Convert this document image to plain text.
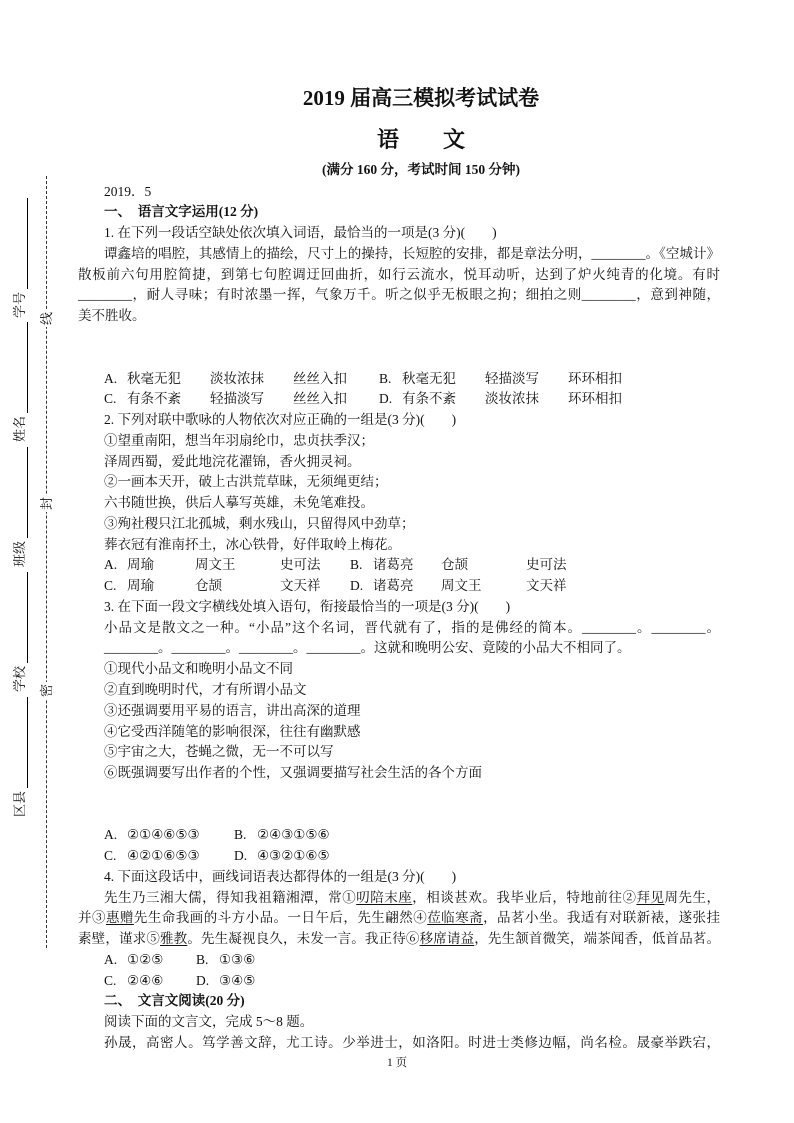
2019 届高三模拟考试试卷
语　　文
(满分 160 分，考试时间 150 分钟)
学号
姓名
班级
学校
区县
线
封
密
2019．5
一、　语言文字运用(12 分)
1. 在下列一段话空缺处依次填入词语，最恰当的一项是(3 分)(　　)
谭鑫培的唱腔，其感情上的描绘，尺寸上的操持，长短腔的安排，都是章法分明，________。《空城计》
散板前六句用腔简捷，到第七句腔调迂回曲折，如行云流水，悦耳动听，达到了炉火纯青的化境。有时
________，耐人寻味；有时浓墨一挥，气象万千。听之似乎无板眼之拘；细拍之则________，意到神随，
美不胜收。
A. 秋毫无犯	淡妆浓抹	丝丝入扣	B. 秋毫无犯	轻描淡写	环环相扣
C. 有条不紊	轻描淡写	丝丝入扣	D. 有条不紊	淡妆浓抹	环环相扣
2. 下列对联中歌咏的人物依次对应正确的一组是(3 分)(　　)
①望重南阳，想当年羽扇纶巾，忠贞扶季汉；
泽周西蜀，爱此地浣花濯锦，香火拥灵祠。
②一画本天开，破上古洪荒草昧，无须绳更结；
六书随世换，供后人摹写英雄，未免笔难投。
③殉社稷只江北孤城，剩水残山，只留得风中劲草；
葬衣冠有淮南抔土，冰心铁骨，好伴取岭上梅花。
A. 周瑜	周文王	史可法	B. 诸葛亮	仓颉	史可法
C. 周瑜	仓颉	文天祥	D. 诸葛亮	周文王	文天祥
3. 在下面一段文字横线处填入语句，衔接最恰当的一项是(3 分)(　　)
小品文是散文之一种。“小品”这个名词，晋代就有了，指的是佛经的简本。________。________。
________。________。________。________。这就和晚明公安、竟陵的小品大不相同了。
①现代小品文和晚明小品文不同
②直到晚明时代，才有所谓小品文
③还强调要用平易的语言，讲出高深的道理
④它受西洋随笔的影响很深，往往有幽默感
⑤宇宙之大，苍蝇之微，无一不可以写
⑥既强调要写出作者的个性，又强调要描写社会生活的各个方面
A. ②①④⑥⑤③	B. ②④③①⑤⑥
C. ④②①⑥⑤③	D. ④③②①⑥⑤
4. 下面这段话中，画线词语表达都得体的一组是(3 分)(　　)
先生乃三湘大儒，得知我祖籍湘潭，常①叨陪末座，相谈甚欢。我毕业后，特地前往②拜见周先生，
并③惠赠先生命我画的斗方小品。一日午后，先生翩然④莅临寒斋，品茗小坐。我适有对联新裱，遂张挂
素壁，谨求⑤雅教。先生凝视良久，未发一言。我正待⑥移席请益，先生颔首微笑，端茶闻香，低首品茗。
A. ①②⑤ B. ①③⑥
C. ②④⑥ D. ③④⑤
二、　文言文阅读(20 分)
阅读下面的文言文，完成 5～8 题。
孙晟，高密人。笃学善文辞，尤工诗。少举进士，如洛阳。时进士类修边幅，尚名检。晟豪举跌宕，
1 页
